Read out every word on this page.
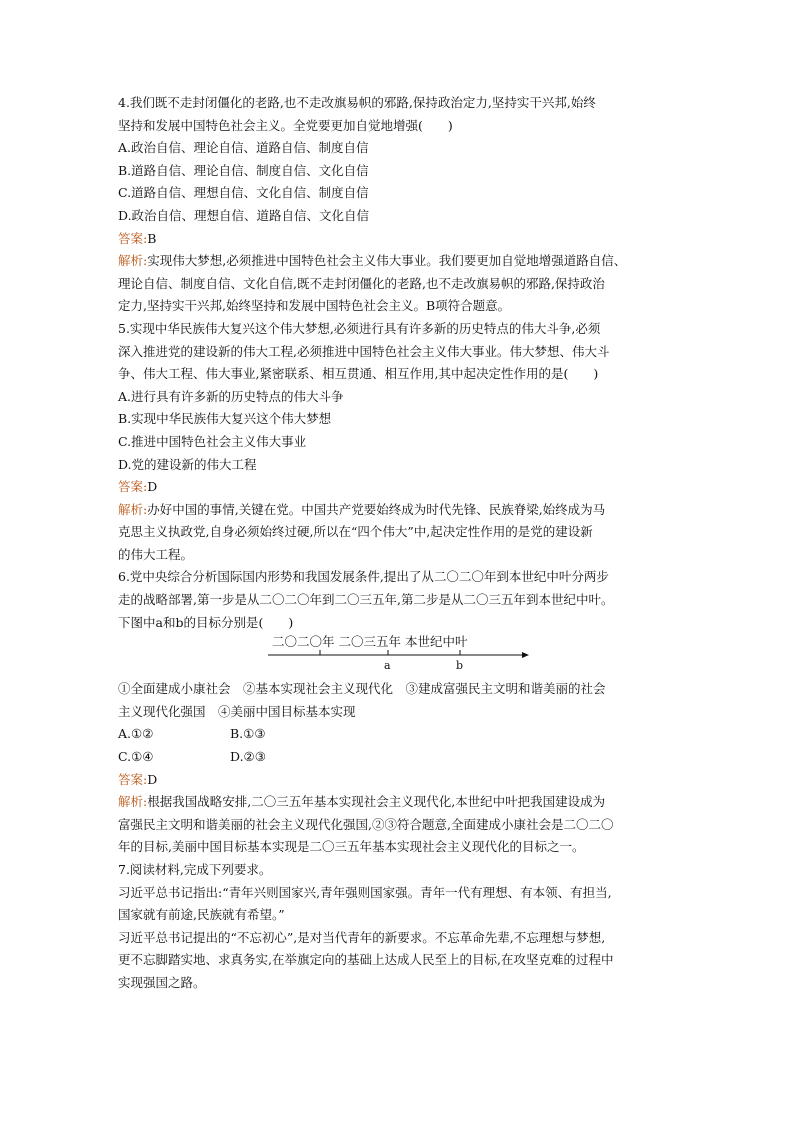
4.我们既不走封闭僵化的老路,也不走改旗易帜的邪路,保持政治定力,坚持实干兴邦,始终
坚持和发展中国特色社会主义。全党要更加自觉地增强(　　)
A.政治自信、理论自信、道路自信、制度自信
B.道路自信、理论自信、制度自信、文化自信
C.道路自信、理想自信、文化自信、制度自信
D.政治自信、理想自信、道路自信、文化自信
答案:B
解析:实现伟大梦想,必须推进中国特色社会主义伟大事业。我们要更加自觉地增强道路自信、
理论自信、制度自信、文化自信,既不走封闭僵化的老路,也不走改旗易帜的邪路,保持政治
定力,坚持实干兴邦,始终坚持和发展中国特色社会主义。B项符合题意。
5.实现中华民族伟大复兴这个伟大梦想,必须进行具有许多新的历史特点的伟大斗争,必须
深入推进党的建设新的伟大工程,必须推进中国特色社会主义伟大事业。伟大梦想、伟大斗
争、伟大工程、伟大事业,紧密联系、相互贯通、相互作用,其中起决定性作用的是(　　)
A.进行具有许多新的历史特点的伟大斗争
B.实现中华民族伟大复兴这个伟大梦想
C.推进中国特色社会主义伟大事业
D.党的建设新的伟大工程
答案:D
解析:办好中国的事情,关键在党。中国共产党要始终成为时代先锋、民族脊梁,始终成为马
克思主义执政党,自身必须始终过硬,所以在“四个伟大”中,起决定性作用的是党的建设新
的伟大工程。
6.党中央综合分析国际国内形势和我国发展条件,提出了从二〇二〇年到本世纪中叶分两步
走的战略部署,第一步是从二〇二〇年到二〇三五年,第二步是从二〇三五年到本世纪中叶。
下图中a和b的目标分别是(　　)
二〇二〇年 二〇三五年 本世纪中叶
a	b
①全面建成小康社会　②基本实现社会主义现代化　③建成富强民主文明和谐美丽的社会
主义现代化强国　④美丽中国目标基本实现
A.①②	B.①③
C.①④	D.②③
答案:D
解析:根据我国战略安排,二〇三五年基本实现社会主义现代化,本世纪中叶把我国建设成为
富强民主文明和谐美丽的社会主义现代化强国,②③符合题意,全面建成小康社会是二〇二〇
年的目标,美丽中国目标基本实现是二〇三五年基本实现社会主义现代化的目标之一。
7.阅读材料,完成下列要求。
习近平总书记指出:“青年兴则国家兴,青年强则国家强。青年一代有理想、有本领、有担当,
国家就有前途,民族就有希望。”
习近平总书记提出的“不忘初心”,是对当代青年的新要求。不忘革命先辈,不忘理想与梦想,
更不忘脚踏实地、求真务实,在举旗定向的基础上达成人民至上的目标,在攻坚克难的过程中
实现强国之路。
